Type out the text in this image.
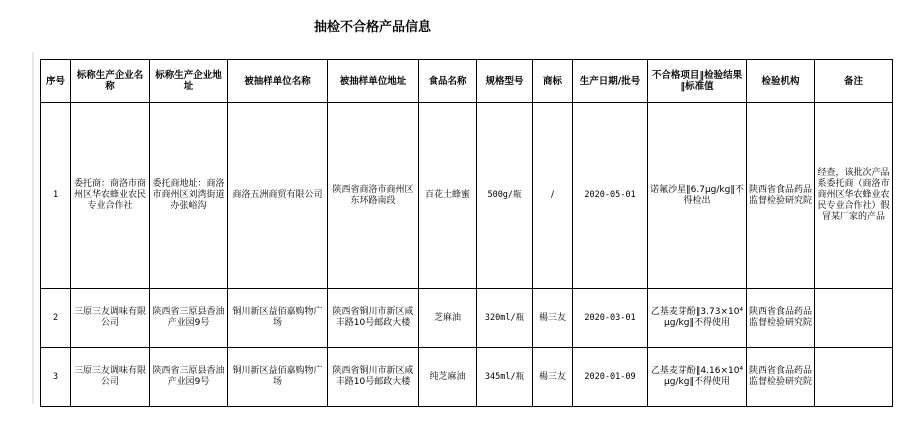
抽检不合格产品信息
序号	标称生产企业名称	标称生产企业地址	被抽样单位名称	被抽样单位地址	食品名称	规格型号	商标	生产日期/批号	不合格项目‖检验结果‖标准值	检验机构	备注
1	委托商：商洛市商州区华农蜂业农民专业合作社	委托商地址：商洛市商州区刘湾街道办张峪沟	商洛五洲商贸有限公司	陕西省商洛市商州区东环路南段	百花土蜂蜜	500g/瓶	/	2020-05-01	诺氟沙星‖6.7μg/kg‖不得检出	陕西省食品药品监督检验研究院	经查，该批次产品系委托商（商洛市商州区华农蜂业农民专业合作社）假冒某厂家的产品
2	三原三友调味有限公司	陕西省三原县香油产业园9号	铜川新区益佰嘉购物广场	陕西省铜川市新区咸丰路10号邮政大楼	芝麻油	320ml/瓶	楊三友	2020-03-01	乙基麦芽酚‖3.73×10⁴ μg/kg‖不得使用	陕西省食品药品监督检验研究院	
3	三原三友调味有限公司	陕西省三原县香油产业园9号	铜川新区益佰嘉购物广场	陕西省铜川市新区咸丰路10号邮政大楼	纯芝麻油	345ml/瓶	楊三友	2020-01-09	乙基麦芽酚‖4.16×10⁴ μg/kg‖不得使用	陕西省食品药品监督检验研究院	
